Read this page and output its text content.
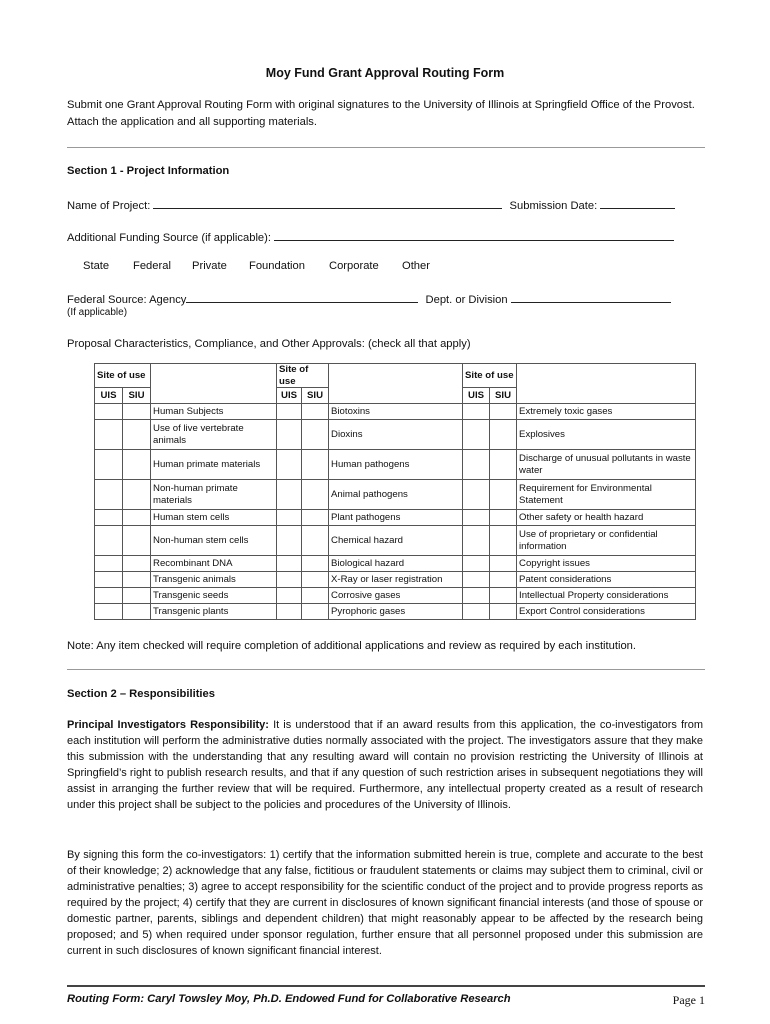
Moy Fund Grant Approval Routing Form
Submit one Grant Approval Routing Form with original signatures to the University of Illinois at Springfield Office of the Provost. Attach the application and all supporting materials.
Section 1 - Project Information
Name of Project:	Submission Date:
Additional Funding Source (if applicable):
State Federal Private Foundation Corporate Other
Federal Source: Agency	Dept. or Division
(If applicable)
Proposal Characteristics, Compliance, and Other Approvals: (check all that apply)
Site of use			Site of use			Site of use		
UIS	SIU		UIS	SIU		UIS	SIU	
		Human Subjects			Biotoxins			Extremely toxic gases
		Use of live vertebrate animals			Dioxins			Explosives
		Human primate materials			Human pathogens			Discharge of unusual pollutants in waste water
		Non-human primate materials			Animal pathogens			Requirement for Environmental Statement
		Human stem cells			Plant pathogens			Other safety or health hazard
		Non-human stem cells			Chemical hazard			Use of proprietary or confidential information
		Recombinant DNA			Biological hazard			Copyright issues
		Transgenic animals			X-Ray or laser registration			Patent considerations
		Transgenic seeds			Corrosive gases			Intellectual Property considerations
		Transgenic plants			Pyrophoric gases			Export Control considerations
Note: Any item checked will require completion of additional applications and review as required by each institution.
Section 2 – Responsibilities
Principal Investigators Responsibility: It is understood that if an award results from this application, the co-investigators from each institution will perform the administrative duties normally associated with the project. The investigators assure that they make this submission with the understanding that any resulting award will contain no provision restricting the University of Illinois at Springfield’s right to publish research results, and that if any question of such restriction arises in subsequent negotiations they will assist in arranging the further review that will be required. Furthermore, any intellectual property created as a result of research under this project shall be subject to the policies and procedures of the University of Illinois.
By signing this form the co-investigators: 1) certify that the information submitted herein is true, complete and accurate to the best of their knowledge; 2) acknowledge that any false, fictitious or fraudulent statements or claims may subject them to criminal, civil or administrative penalties; 3) agree to accept responsibility for the scientific conduct of the project and to provide progress reports as required by the project; 4) certify that they are current in disclosures of known significant financial interests (and those of spouse or domestic partner, parents, siblings and dependent children) that might reasonably appear to be affected by the research being proposed; and 5) when required under sponsor regulation, further ensure that all personnel proposed under this submission are current in such disclosures of known significant financial interest.
Routing Form: Caryl Towsley Moy, Ph.D. Endowed Fund for Collaborative Research	Page 1
